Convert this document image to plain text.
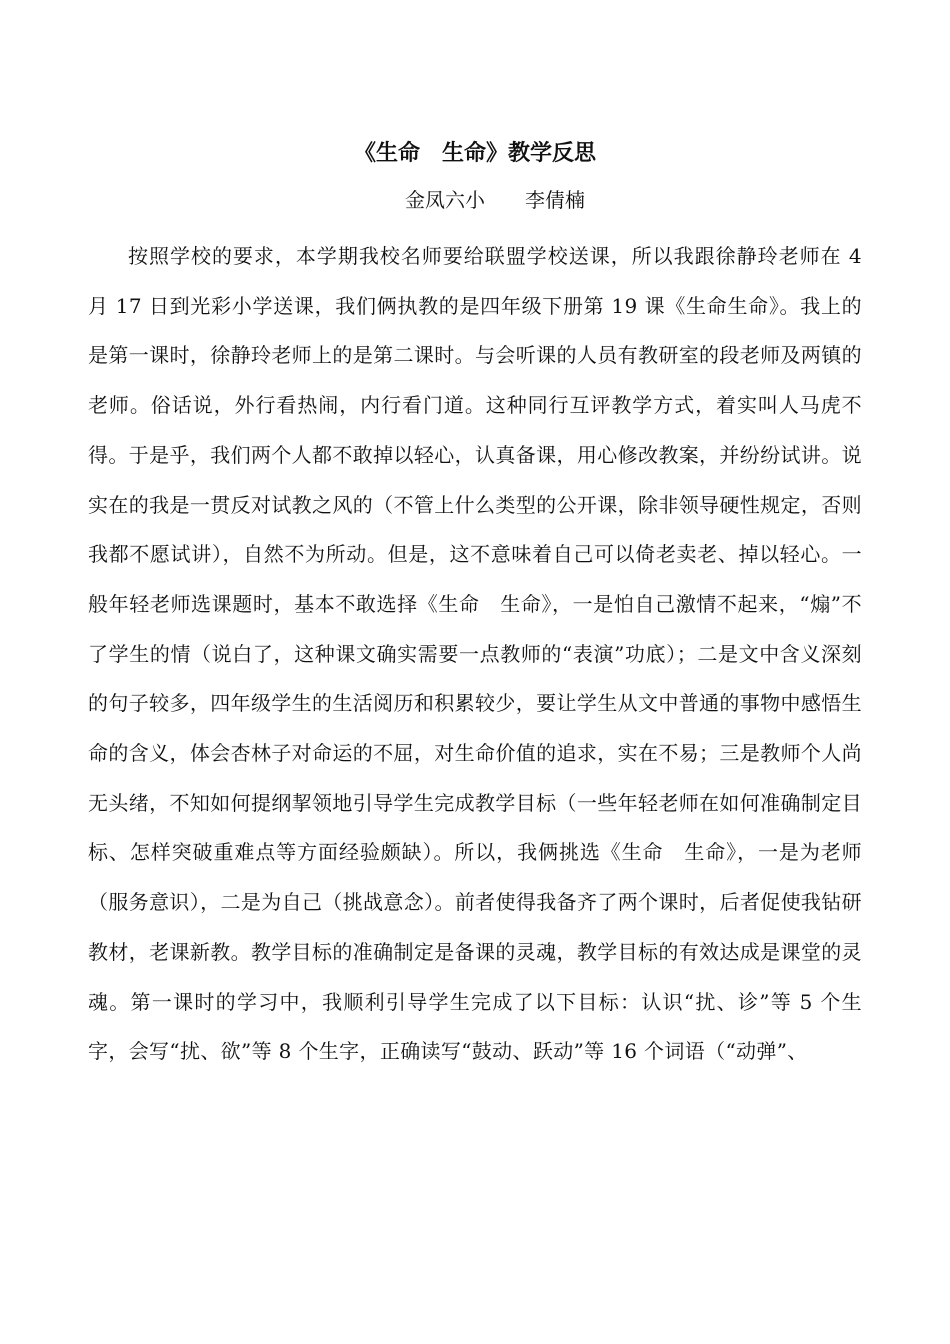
《生命　生命》教学反思
金凤六小　　李倩楠

按照学校的要求，本学期我校名师要给联盟学校送课，所以我跟徐静玲老师在 4 月 17 日到光彩小学送课，我们俩执教的是四年级下册第 19 课《生命生命》。我上的是第一课时，徐静玲老师上的是第二课时。与会听课的人员有教研室的段老师及两镇的老师。俗话说，外行看热闹，内行看门道。这种同行互评教学方式，着实叫人马虎不得。于是乎，我们两个人都不敢掉以轻心，认真备课，用心修改教案，并纷纷试讲。说实在的我是一贯反对试教之风的（不管上什么类型的公开课，除非领导硬性规定，否则我都不愿试讲），自然不为所动。但是，这不意味着自己可以倚老卖老、掉以轻心。一般年轻老师选课题时，基本不敢选择《生命　生命》，一是怕自己激情不起来，“煽”不了学生的情（说白了，这种课文确实需要一点教师的“表演”功底）；二是文中含义深刻的句子较多，四年级学生的生活阅历和积累较少，要让学生从文中普通的事物中感悟生命的含义，体会杏林子对命运的不屈，对生命价值的追求，实在不易；三是教师个人尚无头绪，不知如何提纲挈领地引导学生完成教学目标（一些年轻老师在如何准确制定目标、怎样突破重难点等方面经验颇缺）。所以，我俩挑选《生命　生命》，一是为老师（服务意识），二是为自己（挑战意念）。前者使得我备齐了两个课时，后者促使我钻研教材，老课新教。教学目标的准确制定是备课的灵魂，教学目标的有效达成是课堂的灵魂。第一课时的学习中，我顺利引导学生完成了以下目标：认识“扰、诊”等 5 个生字，会写“扰、欲”等 8 个生字，正确读写“鼓动、跃动”等 16 个词语（“动弹”、
